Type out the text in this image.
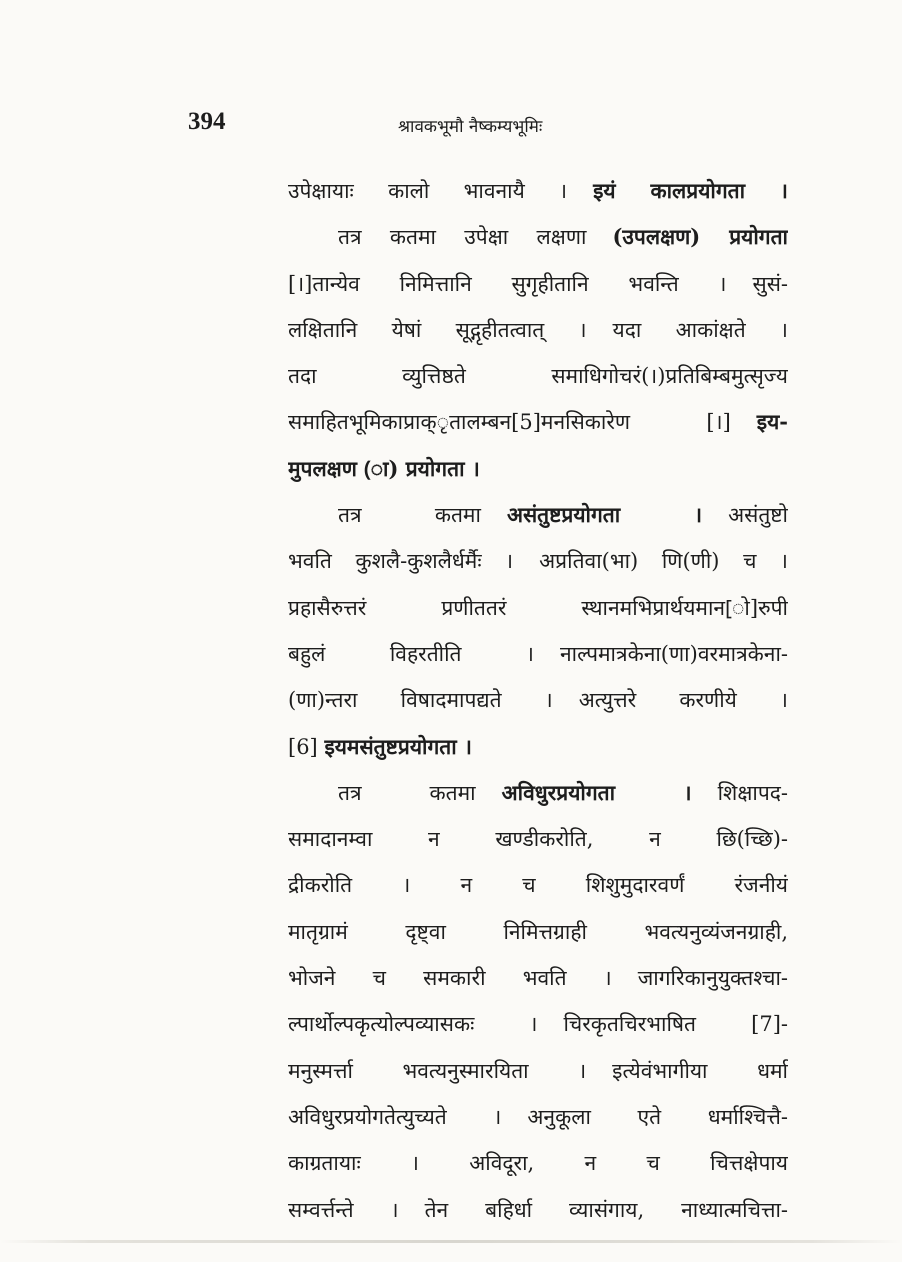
394	श्रावकभूमौ नैष्कम्यभूमिः
उपेक्षायाः कालो भावनायै । इयं कालप्रयोगता ।
तत्र कतमा उपेक्षा लक्षणा (उपलक्षण) प्रयोगता
[।]तान्येव निमित्तानि सुगृहीतानि भवन्ति । सुसं-
लक्षितानि येषां सूद्गृहीतत्वात् । यदा आकांक्षते ।
तदा व्युत्तिष्ठते समाधिगोचरं(।)प्रतिबिम्बमुत्सृज्य
समाहितभूमिकाप्राक्ृतालम्बन[5]मनसिकारेण [।] इय-
मुपलक्षण (ा) प्रयोगता ।
तत्र कतमा असंतुष्टप्रयोगता । असंतुष्टो
भवति कुशलै-कुशलैर्धर्मैः । अप्रतिवा(भा) णि(णी) च ।
प्रहासैरुत्तरं प्रणीततरं स्थानमभिप्रार्थयमान[ो]रुपी
बहुलं विहरतीति । नाल्पमात्रकेना(णा)वरमात्रकेना-
(णा)न्तरा विषादमापद्यते । अत्युत्तरे करणीये ।
[6] इयमसंतुष्टप्रयोगता ।
तत्र कतमा अविधुरप्रयोगता । शिक्षापद-
समादानम्वा न खण्डीकरोति, न छि(च्छि)-
द्रीकरोति । न च शिशुमुदारवर्णं रंजनीयं
मातृग्रामं दृष्ट्वा निमित्तग्राही भवत्यनुव्यंजनग्राही,
भोजने च समकारी भवति । जागरिकानुयुक्तश्चा-
ल्पार्थोल्पकृत्योल्पव्यासकः । चिरकृतचिरभाषित [7]-
मनुस्मर्त्ता भवत्यनुस्मारयिता । इत्येवंभागीया धर्मा
अविधुरप्रयोगतेत्युच्यते । अनुकूला एते धर्माश्चित्तै-
काग्रतायाः । अविदूरा, न च चित्तक्षेपाय
सम्वर्त्तन्ते । तेन बहिर्धा व्यासंगाय, नाध्यात्मचित्ता-
